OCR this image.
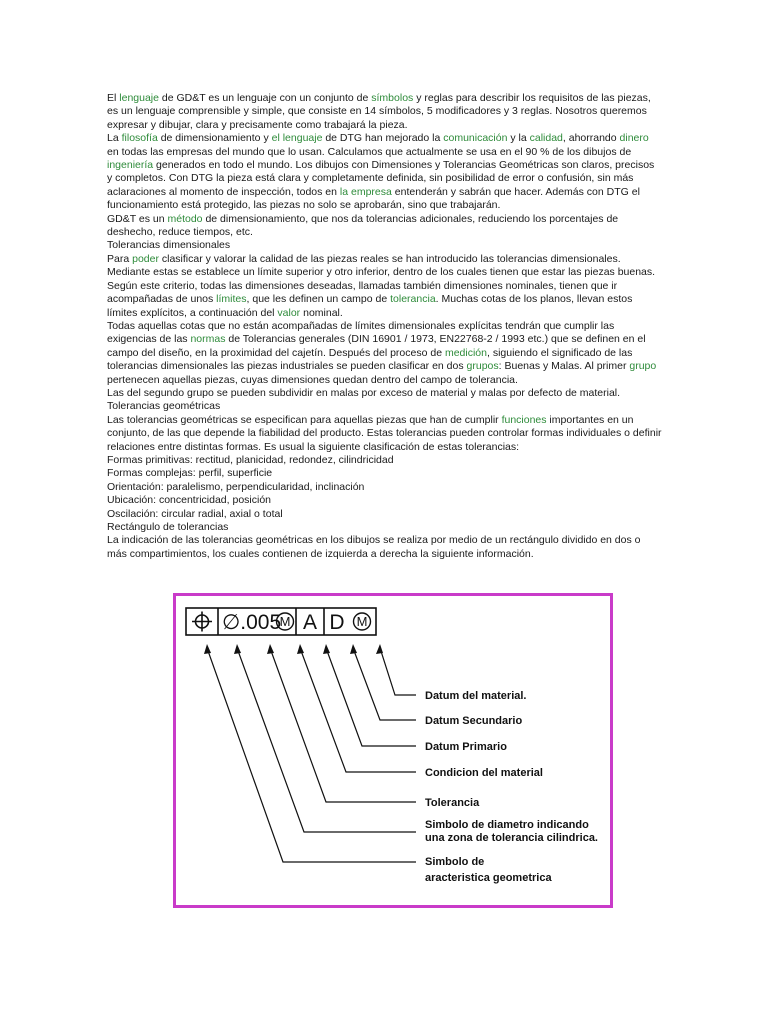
El lenguaje de GD&T es un lenguaje con un conjunto de símbolos y reglas para describir los requisitos de las piezas, es un lenguaje comprensible y simple, que consiste en 14 símbolos, 5 modificadores y 3 reglas. Nosotros queremos expresar y dibujar, clara y precisamente como trabajará la pieza.

La filosofía de dimensionamiento y el lenguaje de DTG han mejorado la comunicación y la calidad, ahorrando dinero en todas las empresas del mundo que lo usan. Calculamos que actualmente se usa en el 90 % de los dibujos de ingeniería generados en todo el mundo. Los dibujos con Dimensiones y Tolerancias Geométricas son claros, precisos y completos. Con DTG la pieza está clara y completamente definida, sin posibilidad de error o confusión, sin más aclaraciones al momento de inspección, todos en la empresa entenderán y sabrán que hacer. Además con DTG el funcionamiento está protegido, las piezas no solo se aprobarán, sino que trabajarán.

GD&T es un método de dimensionamiento, que nos da tolerancias adicionales, reduciendo los porcentajes de deshecho, reduce tiempos, etc.

Tolerancias dimensionales

Para poder clasificar y valorar la calidad de las piezas reales se han introducido las tolerancias dimensionales. Mediante estas se establece un límite superior y otro inferior, dentro de los cuales tienen que estar las piezas buenas. Según este criterio, todas las dimensiones deseadas, llamadas también dimensiones nominales, tienen que ir acompañadas de unos límites, que les definen un campo de tolerancia. Muchas cotas de los planos, llevan estos límites explícitos, a continuación del valor nominal.

Todas aquellas cotas que no están acompañadas de límites dimensionales explícitas tendrán que cumplir las exigencias de las normas de Tolerancias generales (DIN 16901 / 1973, EN22768-2 / 1993 etc.) que se definen en el campo del diseño, en la proximidad del cajetín. Después del proceso de medición, siguiendo el significado de las tolerancias dimensionales las piezas industriales se pueden clasificar en dos grupos: Buenas y Malas. Al primer grupo pertenecen aquellas piezas, cuyas dimensiones quedan dentro del campo de tolerancia.

Las del segundo grupo se pueden subdividir en malas por exceso de material y malas por defecto de material.

Tolerancias geométricas

Las tolerancias geométricas se especifican para aquellas piezas que han de cumplir funciones importantes en un conjunto, de las que depende la fiabilidad del producto. Estas tolerancias pueden controlar formas individuales o definir relaciones entre distintas formas. Es usual la siguiente clasificación de estas tolerancias:

Formas primitivas: rectitud, planicidad, redondez, cilindricidad

Formas complejas: perfil, superficie

Orientación: paralelismo, perpendicularidad, inclinación

Ubicación: concentricidad, posición

Oscilación: circular radial, axial o total

Rectángulo de tolerancias

La indicación de las tolerancias geométricas en los dibujos se realiza por medio de un rectángulo dividido en dos o más compartimientos, los cuales contienen de izquierda a derecha la siguiente información.

∅.005
M A D M
Datum del material.
Datum Secundario
Datum Primario
Condicion del material
Tolerancia
Simbolo de diametro indicando
una zona de tolerancia cilindrica.
Simbolo de
aracteristica geometrica
